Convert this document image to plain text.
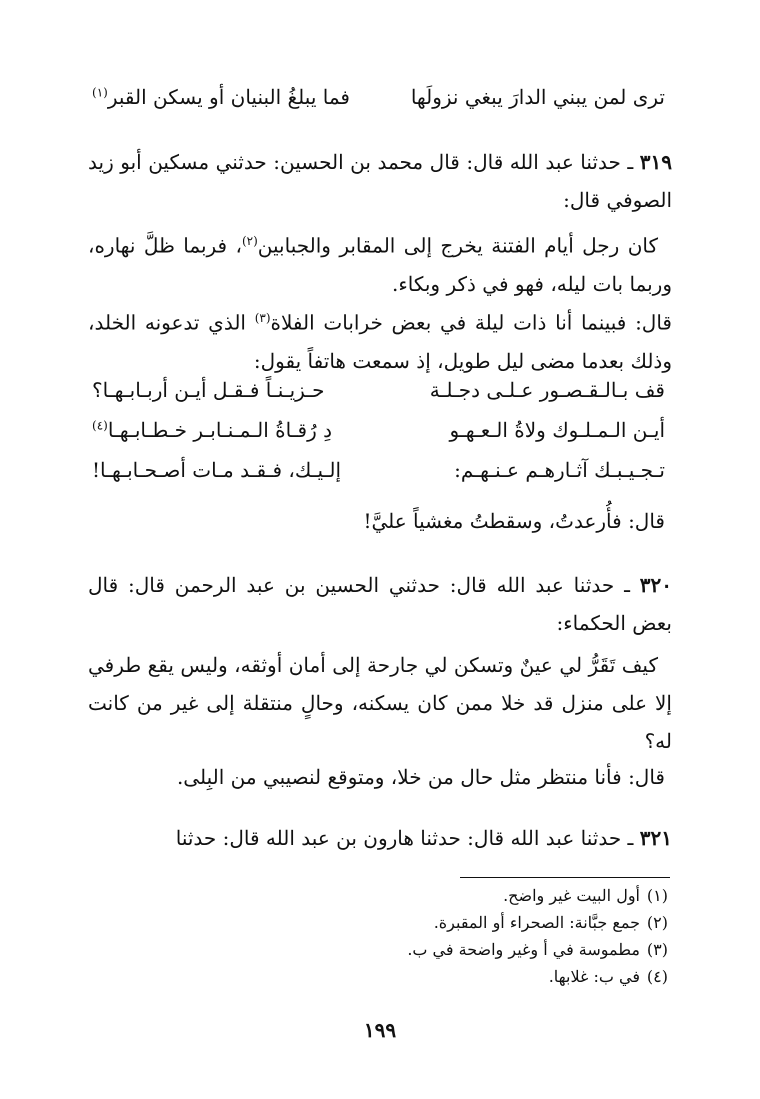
ترى لمن يبني الدارَ يبغي نزولَها
فما يبلغُ البنيان أو يسكن القبر$^{(١)}$
٣١٩ ـ حدثنا عبد الله قال: قال محمد بن الحسين: حدثني مسكين أبو زيد الصوفي قال:
كان رجل أيام الفتنة يخرج إلى المقابر والجبابين$^{(٢)}$، فربما ظلَّ نهاره، وربما بات ليله، فهو في ذكر وبكاء.
قال: فبينما أنا ذات ليلة في بعض خرابات الفلاة$^{(٣)}$ الذي تدعونه الخلد، وذلك بعدما مضى ليل طويل، إذ سمعت هاتفاً يقول:
قف بـالـقـصـور عـلـى دجـلـة
حـزيـنـاً فـقـل أيـن أربـابـهـا؟
أيـن الـمـلـوك ولاةُ الـعـهـو
دِ رُقـاةُ الـمـنـابـر خـطـابـهـا$^{(٤)}$
تـجـيـبـك آثـارهـم عـنـهـم:
إلـيـك، فـقـد مـات أصـحـابـهـا!
قال: فأُرعدتُ، وسقطتُ مغشياً عليَّ!
٣٢٠ ـ حدثنا عبد الله قال: حدثني الحسين بن عبد الرحمن قال: قال بعض الحكماء:
كيف تَقَرُّ لي عينٌ وتسكن لي جارحة إلى أمان أوثقه، وليس يقع طرفي إلا على منزل قد خلا ممن كان يسكنه، وحالٍ منتقلة إلى غير من كانت له؟
قال: فأنا منتظر مثل حال من خلا، ومتوقع لنصيبي من البِلى.
٣٢١ ـ حدثنا عبد الله قال: حدثنا هارون بن عبد الله قال: حدثنا
(١)أول البيت غير واضح.
(٢)جمع جبَّانة: الصحراء أو المقبرة.
(٣)مطموسة في أ وغير واضحة في ب.
(٤)في ب: غلابها.
١٩٩
